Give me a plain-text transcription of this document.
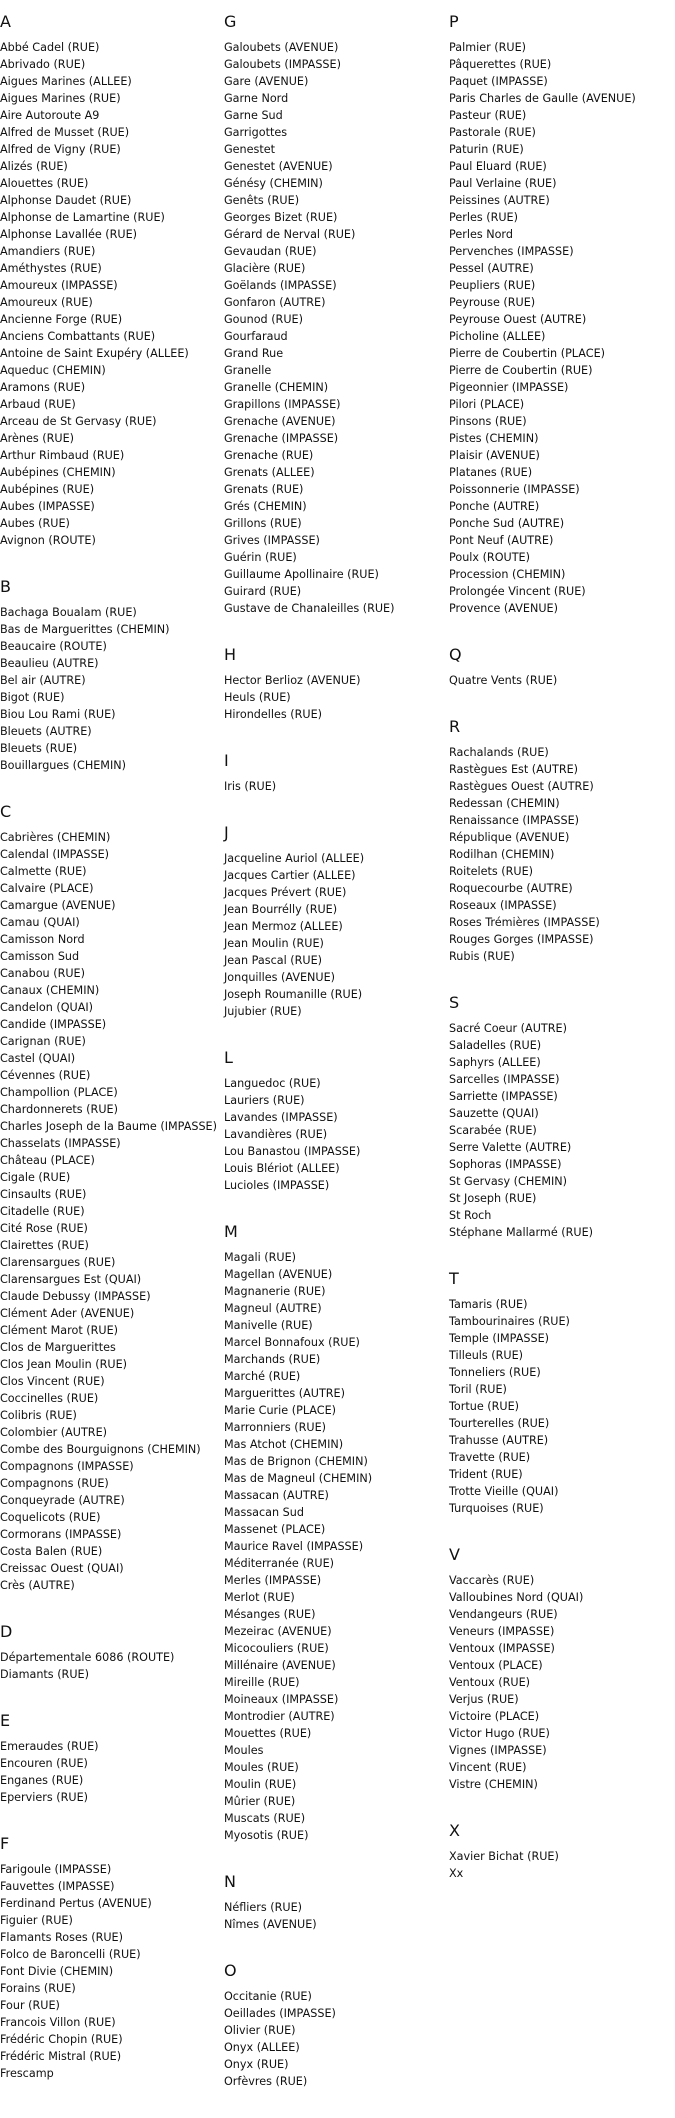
A
Abbé Cadel (RUE)
Abrivado (RUE)
Aigues Marines (ALLEE)
Aigues Marines (RUE)
Aire Autoroute A9
Alfred de Musset (RUE)
Alfred de Vigny (RUE)
Alizés (RUE)
Alouettes (RUE)
Alphonse Daudet (RUE)
Alphonse de Lamartine (RUE)
Alphonse Lavallée (RUE)
Amandiers (RUE)
Améthystes (RUE)
Amoureux (IMPASSE)
Amoureux (RUE)
Ancienne Forge (RUE)
Anciens Combattants (RUE)
Antoine de Saint Exupéry (ALLEE)
Aqueduc (CHEMIN)
Aramons (RUE)
Arbaud (RUE)
Arceau de St Gervasy (RUE)
Arènes (RUE)
Arthur Rimbaud (RUE)
Aubépines (CHEMIN)
Aubépines (RUE)
Aubes (IMPASSE)
Aubes (RUE)
Avignon (ROUTE)
B
Bachaga Boualam (RUE)
Bas de Marguerittes (CHEMIN)
Beaucaire (ROUTE)
Beaulieu (AUTRE)
Bel air (AUTRE)
Bigot (RUE)
Biou Lou Rami (RUE)
Bleuets (AUTRE)
Bleuets (RUE)
Bouillargues (CHEMIN)
C
Cabrières (CHEMIN)
Calendal (IMPASSE)
Calmette (RUE)
Calvaire (PLACE)
Camargue (AVENUE)
Camau (QUAI)
Camisson Nord
Camisson Sud
Canabou (RUE)
Canaux (CHEMIN)
Candelon (QUAI)
Candide (IMPASSE)
Carignan (RUE)
Castel (QUAI)
Cévennes (RUE)
Champollion (PLACE)
Chardonnerets (RUE)
Charles Joseph de la Baume (IMPASSE)
Chasselats (IMPASSE)
Château (PLACE)
Cigale (RUE)
Cinsaults (RUE)
Citadelle (RUE)
Cité Rose (RUE)
Clairettes (RUE)
Clarensargues (RUE)
Clarensargues Est (QUAI)
Claude Debussy (IMPASSE)
Clément Ader (AVENUE)
Clément Marot (RUE)
Clos de Marguerittes
Clos Jean Moulin (RUE)
Clos Vincent (RUE)
Coccinelles (RUE)
Colibris (RUE)
Colombier (AUTRE)
Combe des Bourguignons (CHEMIN)
Compagnons (IMPASSE)
Compagnons (RUE)
Conqueyrade (AUTRE)
Coquelicots (RUE)
Cormorans (IMPASSE)
Costa Balen (RUE)
Creissac Ouest (QUAI)
Crès (AUTRE)
D
Départementale 6086 (ROUTE)
Diamants (RUE)
E
Emeraudes (RUE)
Encouren (RUE)
Enganes (RUE)
Eperviers (RUE)
F
Farigoule (IMPASSE)
Fauvettes (IMPASSE)
Ferdinand Pertus (AVENUE)
Figuier (RUE)
Flamants Roses (RUE)
Folco de Baroncelli (RUE)
Font Divie (CHEMIN)
Forains (RUE)
Four (RUE)
Francois Villon (RUE)
Frédéric Chopin (RUE)
Frédéric Mistral (RUE)
Frescamp
G
Galoubets (AVENUE)
Galoubets (IMPASSE)
Gare (AVENUE)
Garne Nord
Garne Sud
Garrigottes
Genestet
Genestet (AVENUE)
Génésy (CHEMIN)
Genêts (RUE)
Georges Bizet (RUE)
Gérard de Nerval (RUE)
Gevaudan (RUE)
Glacière (RUE)
Goëlands (IMPASSE)
Gonfaron (AUTRE)
Gounod (RUE)
Gourfaraud
Grand Rue
Granelle
Granelle (CHEMIN)
Grapillons (IMPASSE)
Grenache (AVENUE)
Grenache (IMPASSE)
Grenache (RUE)
Grenats (ALLEE)
Grenats (RUE)
Grés (CHEMIN)
Grillons (RUE)
Grives (IMPASSE)
Guérin (RUE)
Guillaume Apollinaire (RUE)
Guirard (RUE)
Gustave de Chanaleilles (RUE)
H
Hector Berlioz (AVENUE)
Heuls (RUE)
Hirondelles (RUE)
I
Iris (RUE)
J
Jacqueline Auriol (ALLEE)
Jacques Cartier (ALLEE)
Jacques Prévert (RUE)
Jean Bourrélly (RUE)
Jean Mermoz (ALLEE)
Jean Moulin (RUE)
Jean Pascal (RUE)
Jonquilles (AVENUE)
Joseph Roumanille (RUE)
Jujubier (RUE)
L
Languedoc (RUE)
Lauriers (RUE)
Lavandes (IMPASSE)
Lavandières (RUE)
Lou Banastou (IMPASSE)
Louis Blériot (ALLEE)
Lucioles (IMPASSE)
M
Magali (RUE)
Magellan (AVENUE)
Magnanerie (RUE)
Magneul (AUTRE)
Manivelle (RUE)
Marcel Bonnafoux (RUE)
Marchands (RUE)
Marché (RUE)
Marguerittes (AUTRE)
Marie Curie (PLACE)
Marronniers (RUE)
Mas Atchot (CHEMIN)
Mas de Brignon (CHEMIN)
Mas de Magneul (CHEMIN)
Massacan (AUTRE)
Massacan Sud
Massenet (PLACE)
Maurice Ravel (IMPASSE)
Méditerranée (RUE)
Merles (IMPASSE)
Merlot (RUE)
Mésanges (RUE)
Mezeirac (AVENUE)
Micocouliers (RUE)
Millénaire (AVENUE)
Mireille (RUE)
Moineaux (IMPASSE)
Montrodier (AUTRE)
Mouettes (RUE)
Moules
Moules (RUE)
Moulin (RUE)
Mûrier (RUE)
Muscats (RUE)
Myosotis (RUE)
N
Néfliers (RUE)
Nîmes (AVENUE)
O
Occitanie (RUE)
Oeillades (IMPASSE)
Olivier (RUE)
Onyx (ALLEE)
Onyx (RUE)
Orfèvres (RUE)
P
Palmier (RUE)
Pâquerettes (RUE)
Paquet (IMPASSE)
Paris Charles de Gaulle (AVENUE)
Pasteur (RUE)
Pastorale (RUE)
Paturin (RUE)
Paul Eluard (RUE)
Paul Verlaine (RUE)
Peissines (AUTRE)
Perles (RUE)
Perles Nord
Pervenches (IMPASSE)
Pessel (AUTRE)
Peupliers (RUE)
Peyrouse (RUE)
Peyrouse Ouest (AUTRE)
Picholine (ALLEE)
Pierre de Coubertin (PLACE)
Pierre de Coubertin (RUE)
Pigeonnier (IMPASSE)
Pilori (PLACE)
Pinsons (RUE)
Pistes (CHEMIN)
Plaisir (AVENUE)
Platanes (RUE)
Poissonnerie (IMPASSE)
Ponche (AUTRE)
Ponche Sud (AUTRE)
Pont Neuf (AUTRE)
Poulx (ROUTE)
Procession (CHEMIN)
Prolongée Vincent (RUE)
Provence (AVENUE)
Q
Quatre Vents (RUE)
R
Rachalands (RUE)
Rastègues Est (AUTRE)
Rastègues Ouest (AUTRE)
Redessan (CHEMIN)
Renaissance (IMPASSE)
République (AVENUE)
Rodilhan (CHEMIN)
Roitelets (RUE)
Roquecourbe (AUTRE)
Roseaux (IMPASSE)
Roses Trémières (IMPASSE)
Rouges Gorges (IMPASSE)
Rubis (RUE)
S
Sacré Coeur (AUTRE)
Saladelles (RUE)
Saphyrs (ALLEE)
Sarcelles (IMPASSE)
Sarriette (IMPASSE)
Sauzette (QUAI)
Scarabée (RUE)
Serre Valette (AUTRE)
Sophoras (IMPASSE)
St Gervasy (CHEMIN)
St Joseph (RUE)
St Roch
Stéphane Mallarmé (RUE)
T
Tamaris (RUE)
Tambourinaires (RUE)
Temple (IMPASSE)
Tilleuls (RUE)
Tonneliers (RUE)
Toril (RUE)
Tortue (RUE)
Tourterelles (RUE)
Trahusse (AUTRE)
Travette (RUE)
Trident (RUE)
Trotte Vieille (QUAI)
Turquoises (RUE)
V
Vaccarès (RUE)
Valloubines Nord (QUAI)
Vendangeurs (RUE)
Veneurs (IMPASSE)
Ventoux (IMPASSE)
Ventoux (PLACE)
Ventoux (RUE)
Verjus (RUE)
Victoire (PLACE)
Victor Hugo (RUE)
Vignes (IMPASSE)
Vincent (RUE)
Vistre (CHEMIN)
X
Xavier Bichat (RUE)
Xx
